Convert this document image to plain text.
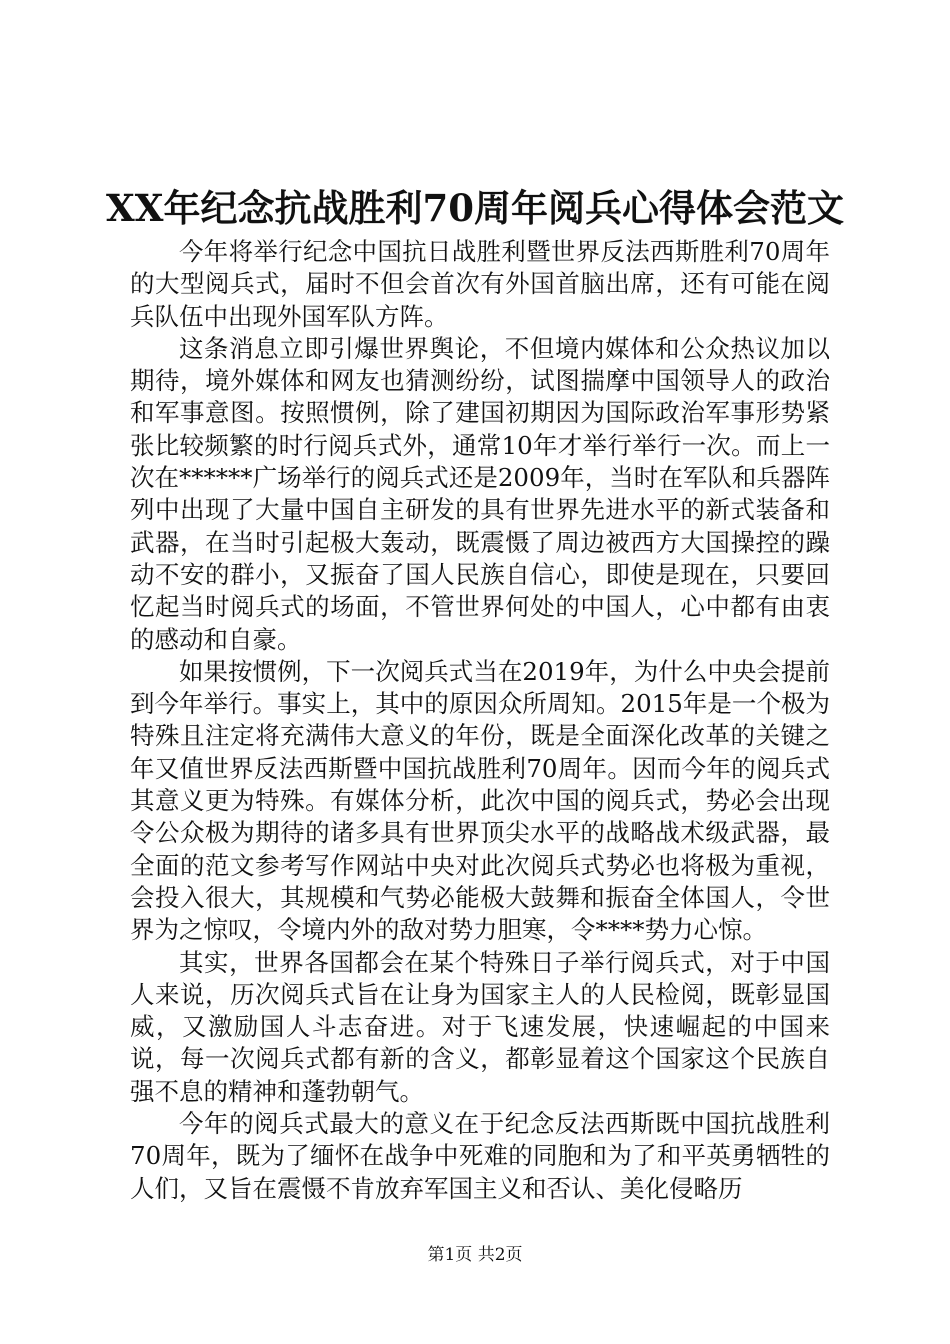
XX年纪念抗战胜利70周年阅兵心得体会范文

今年将举行纪念中国抗日战胜利暨世界反法西斯胜利70周年的大型阅兵式，届时不但会首次有外国首脑出席，还有可能在阅兵队伍中出现外国军队方阵。

这条消息立即引爆世界舆论，不但境内媒体和公众热议加以期待，境外媒体和网友也猜测纷纷，试图揣摩中国领导人的政治和军事意图。按照惯例，除了建国初期因为国际政治军事形势紧张比较频繁的时行阅兵式外，通常10年才举行举行一次。而上一次在******广场举行的阅兵式还是2009年，当时在军队和兵器阵列中出现了大量中国自主研发的具有世界先进水平的新式装备和武器，在当时引起极大轰动，既震慑了周边被西方大国操控的躁动不安的群小，又振奋了国人民族自信心，即使是现在，只要回忆起当时阅兵式的场面，不管世界何处的中国人，心中都有由衷的感动和自豪。

如果按惯例，下一次阅兵式当在2019年，为什么中央会提前到今年举行。事实上，其中的原因众所周知。2015年是一个极为特殊且注定将充满伟大意义的年份，既是全面深化改革的关键之年又值世界反法西斯暨中国抗战胜利70周年。因而今年的阅兵式其意义更为特殊。有媒体分析，此次中国的阅兵式，势必会出现令公众极为期待的诸多具有世界顶尖水平的战略战术级武器，最全面的范文参考写作网站中央对此次阅兵式势必也将极为重视，会投入很大，其规模和气势必能极大鼓舞和振奋全体国人，令世界为之惊叹，令境内外的敌对势力胆寒，令****势力心惊。

其实，世界各国都会在某个特殊日子举行阅兵式，对于中国人来说，历次阅兵式旨在让身为国家主人的人民检阅，既彰显国威，又激励国人斗志奋进。对于飞速发展，快速崛起的中国来说，每一次阅兵式都有新的含义，都彰显着这个国家这个民族自强不息的精神和蓬勃朝气。

今年的阅兵式最大的意义在于纪念反法西斯既中国抗战胜利70周年，既为了缅怀在战争中死难的同胞和为了和平英勇牺牲的人们，又旨在震慑不肯放弃军国主义和否认、美化侵略历

第1页 共2页
